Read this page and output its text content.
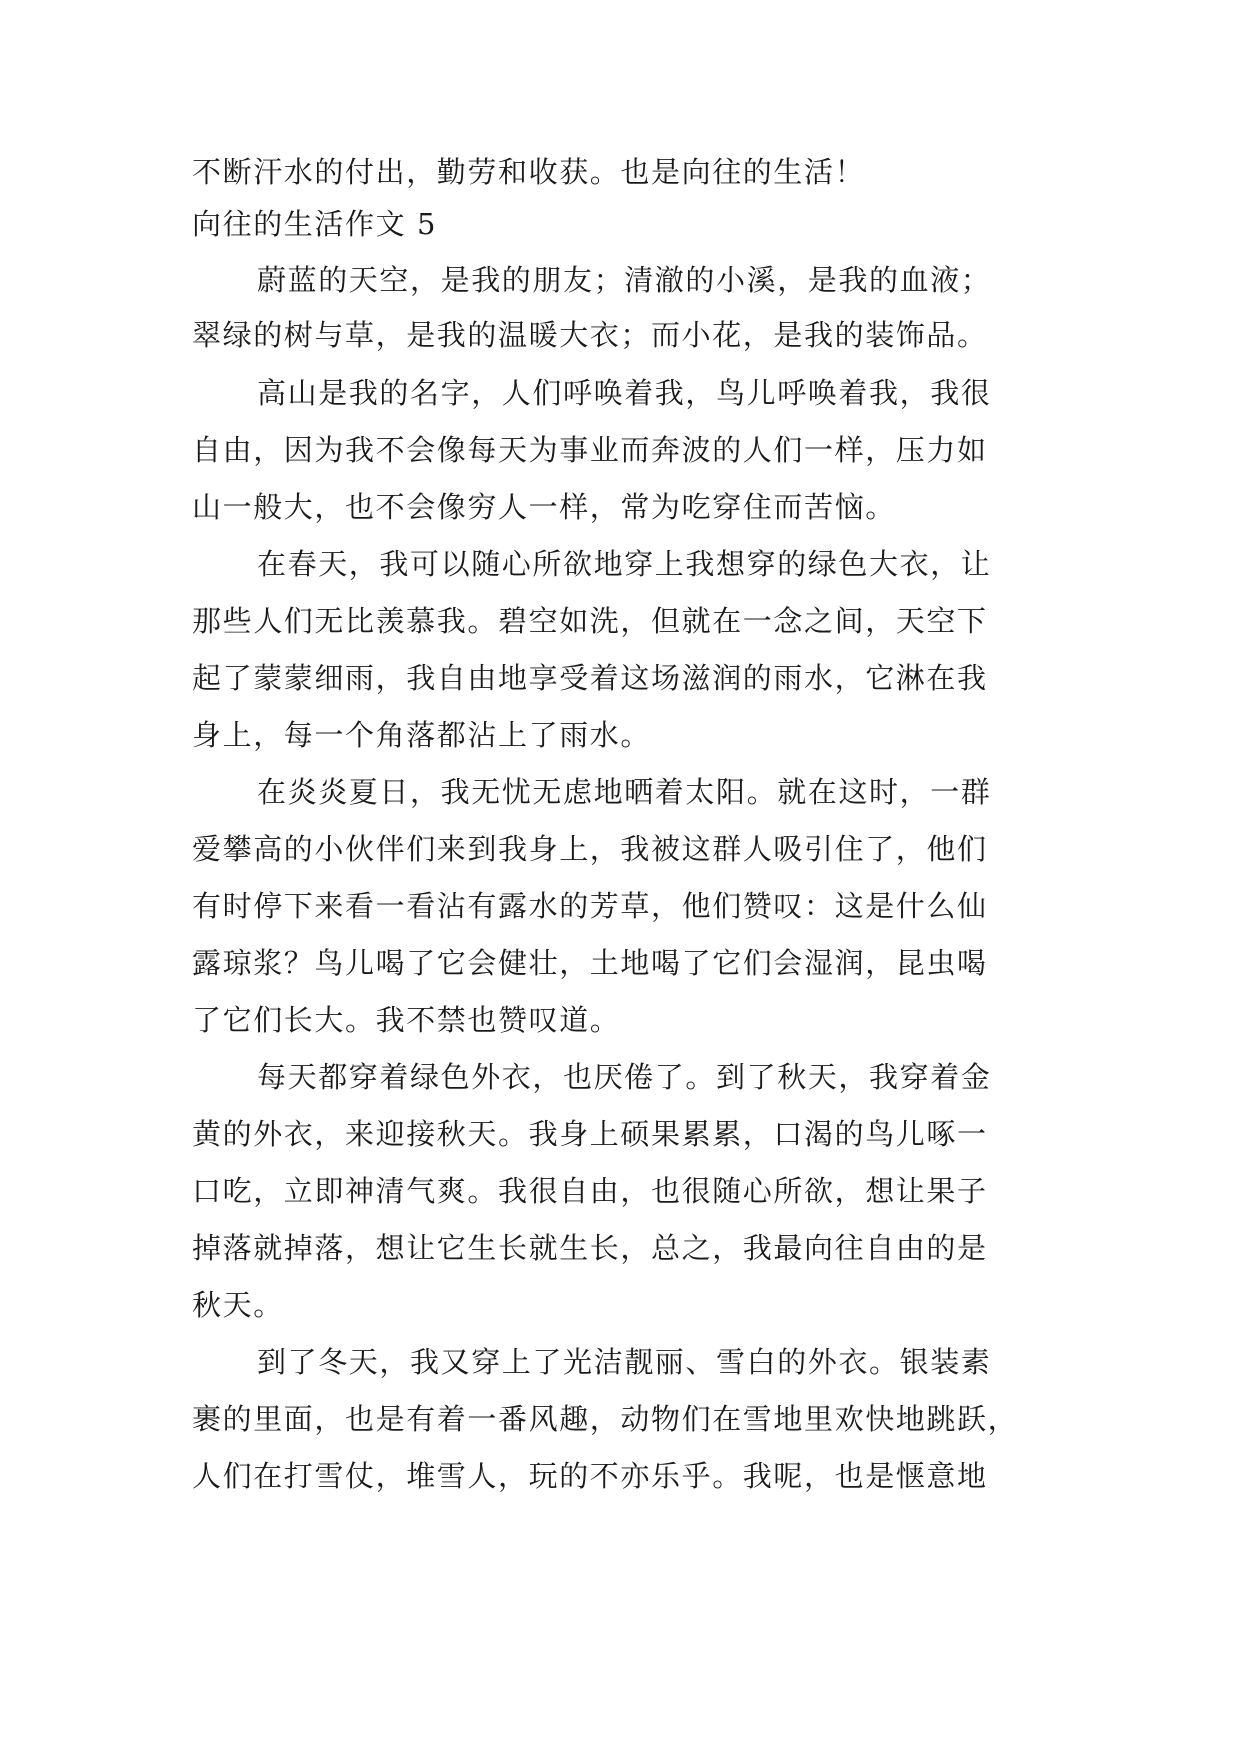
不断汗水的付出，勤劳和收获。也是向往的生活！
向往的生活作文 5
蔚蓝的天空，是我的朋友；清澈的小溪，是我的血液；
翠绿的树与草，是我的温暖大衣；而小花，是我的装饰品。
高山是我的名字，人们呼唤着我，鸟儿呼唤着我，我很
自由，因为我不会像每天为事业而奔波的人们一样，压力如
山一般大，也不会像穷人一样，常为吃穿住而苦恼。
在春天，我可以随心所欲地穿上我想穿的绿色大衣，让
那些人们无比羡慕我。碧空如洗，但就在一念之间，天空下
起了蒙蒙细雨，我自由地享受着这场滋润的雨水，它淋在我
身上，每一个角落都沾上了雨水。
在炎炎夏日，我无忧无虑地晒着太阳。就在这时，一群
爱攀高的小伙伴们来到我身上，我被这群人吸引住了，他们
有时停下来看一看沾有露水的芳草，他们赞叹：这是什么仙
露琼浆？鸟儿喝了它会健壮，土地喝了它们会湿润，昆虫喝
了它们长大。我不禁也赞叹道。
每天都穿着绿色外衣，也厌倦了。到了秋天，我穿着金
黄的外衣，来迎接秋天。我身上硕果累累，口渴的鸟儿啄一
口吃，立即神清气爽。我很自由，也很随心所欲，想让果子
掉落就掉落，想让它生长就生长，总之，我最向往自由的是
秋天。
到了冬天，我又穿上了光洁靓丽、雪白的外衣。银装素
裹的里面，也是有着一番风趣，动物们在雪地里欢快地跳跃，
人们在打雪仗，堆雪人，玩的不亦乐乎。我呢，也是惬意地
